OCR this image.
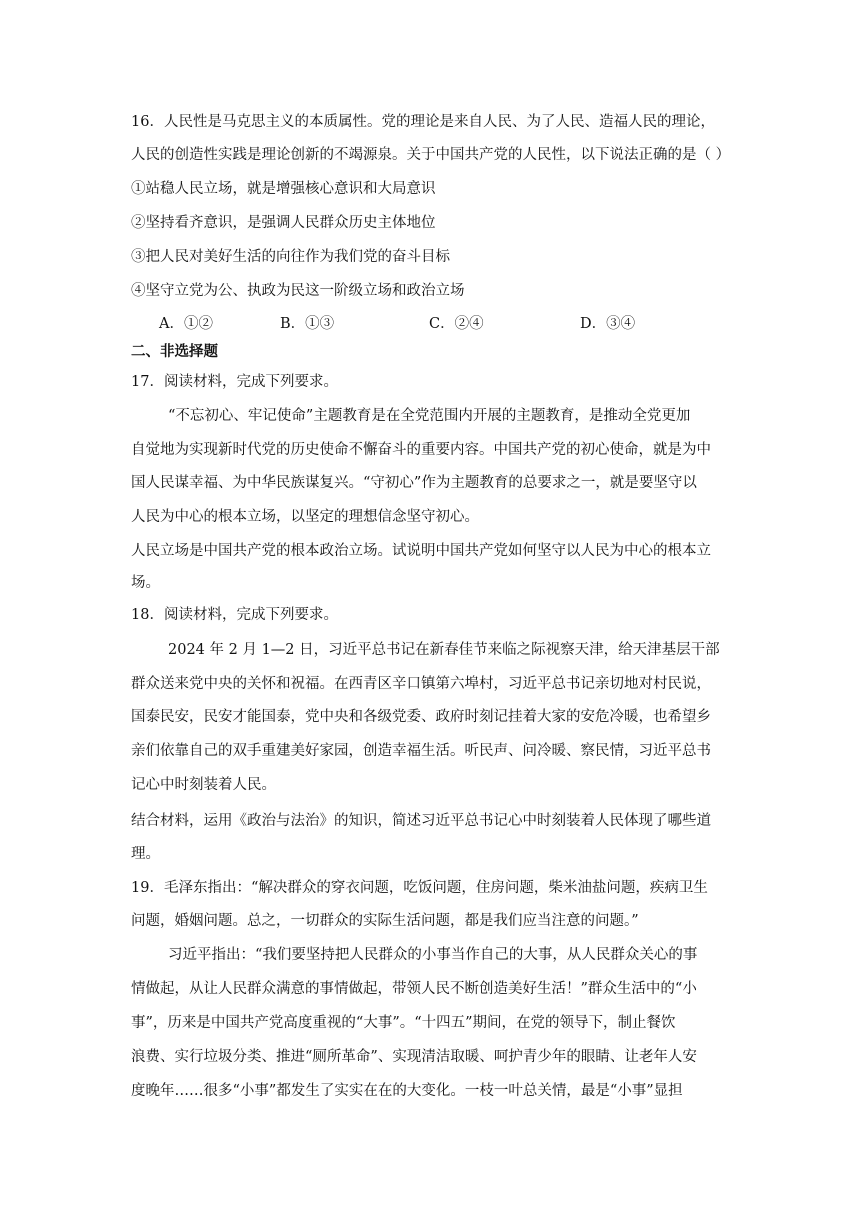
16．人民性是马克思主义的本质属性。党的理论是来自人民、为了人民、造福人民的理论，
人民的创造性实践是理论创新的不竭源泉。关于中国共产党的人民性，以下说法正确的是（ ）
①站稳人民立场，就是增强核心意识和大局意识
②坚持看齐意识，是强调人民群众历史主体地位
③把人民对美好生活的向往作为我们党的奋斗目标
④坚守立党为公、执政为民这一阶级立场和政治立场
A．①②	B．①③	C．②④	D．③④
二、非选择题
17．阅读材料，完成下列要求。
“不忘初心、牢记使命”主题教育是在全党范围内开展的主题教育，是推动全党更加
自觉地为实现新时代党的历史使命不懈奋斗的重要内容。中国共产党的初心使命，就是为中
国人民谋幸福、为中华民族谋复兴。“守初心”作为主题教育的总要求之一，就是要坚守以
人民为中心的根本立场，以坚定的理想信念坚守初心。
人民立场是中国共产党的根本政治立场。试说明中国共产党如何坚守以人民为中心的根本立
场。
18．阅读材料，完成下列要求。
2024 年 2 月 1—2 日，习近平总书记在新春佳节来临之际视察天津，给天津基层干部
群众送来党中央的关怀和祝福。在西青区辛口镇第六埠村，习近平总书记亲切地对村民说，
国泰民安，民安才能国泰，党中央和各级党委、政府时刻记挂着大家的安危冷暖，也希望乡
亲们依靠自己的双手重建美好家园，创造幸福生活。听民声、问冷暖、察民情，习近平总书
记心中时刻装着人民。
结合材料，运用《政治与法治》的知识，简述习近平总书记心中时刻装着人民体现了哪些道
理。
19．毛泽东指出：“解决群众的穿衣问题，吃饭问题，住房问题，柴米油盐问题，疾病卫生
问题，婚姻问题。总之，一切群众的实际生活问题，都是我们应当注意的问题。”
习近平指出：“我们要坚持把人民群众的小事当作自己的大事，从人民群众关心的事
情做起，从让人民群众满意的事情做起，带领人民不断创造美好生活！”群众生活中的“小
事”，历来是中国共产党高度重视的“大事”。“十四五”期间，在党的领导下，制止餐饮
浪费、实行垃圾分类、推进“厕所革命”、实现清洁取暖、呵护青少年的眼睛、让老年人安
度晚年……很多“小事”都发生了实实在在的大变化。一枝一叶总关情，最是“小事”显担
